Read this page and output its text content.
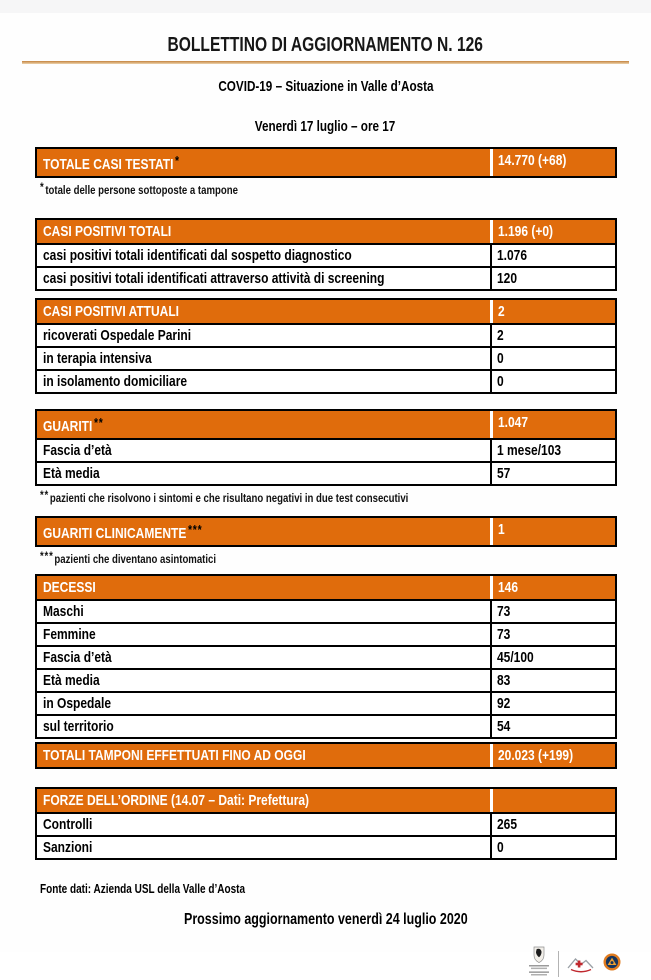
BOLLETTINO DI AGGIORNAMENTO N. 126
COVID-19 – Situazione in Valle d’Aosta
Venerdì 17 luglio – ore 17
TOTALE CASI TESTATI *	14.770 (+68)
*totale delle persone sottoposte a tampone
CASI POSITIVI TOTALI	1.196 (+0)
casi positivi totali identificati dal sospetto diagnostico	1.076
casi positivi totali identificati attraverso attività di screening	120
CASI POSITIVI ATTUALI	2
ricoverati Ospedale Parini	2
in terapia intensiva	0
in isolamento domiciliare	0
GUARITI **	1.047
Fascia d’età	1 mese/103
Età media	57
**pazienti che risolvono i sintomi e che risultano negativi in due test consecutivi
GUARITI CLINICAMENTE ***	1
***pazienti che diventano asintomatici
DECESSI	146
Maschi	73
Femmine	73
Fascia d’età	45/100
Età media	83
in Ospedale	92
sul territorio	54
TOTALI TAMPONI EFFETTUATI FINO AD OGGI	20.023 (+199)
FORZE DELL’ORDINE (14.07 – Dati: Prefettura)
Controlli	265
Sanzioni	0
Fonte dati: Azienda USL della Valle d’Aosta
Prossimo aggiornamento venerdì 24 luglio 2020
